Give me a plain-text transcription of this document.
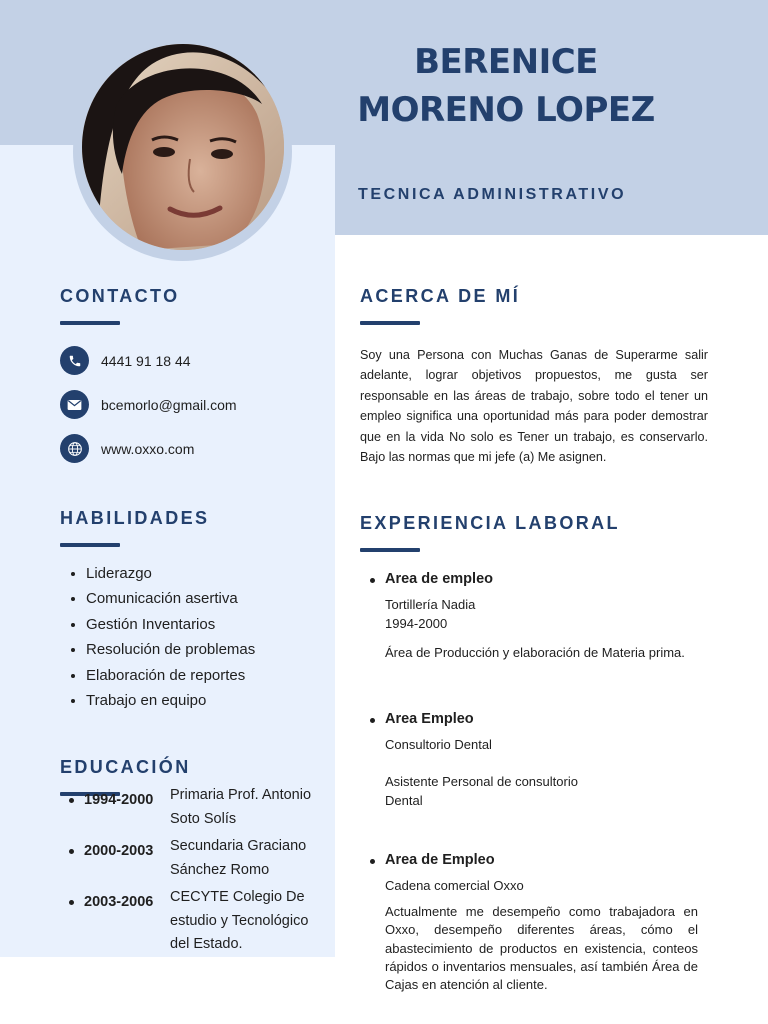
BERENICE
MORENO LOPEZ

TECNICA ADMINISTRATIVO

CONTACTO
4441 91 18 44
bcemorlo@gmail.com
www.oxxo.com
HABILIDADES
• Liderazgo
• Comunicación asertiva
• Gestión Inventarios
• Resolución de problemas
• Elaboración de reportes
• Trabajo en equipo
EDUCACIÓN
1994-2000	Primaria Prof. Antonio Soto Solís
2000-2003	Secundaria Graciano Sánchez Romo
2003-2006	CECYTE Colegio De estudio y Tecnológico del Estado.
ACERCA DE MÍ

Soy una Persona con Muchas Ganas de Superarme salir adelante, lograr objetivos propuestos, me gusta ser responsable en las áreas de trabajo, sobre todo el tener un empleo significa una oportunidad más para poder demostrar que en la vida No solo es Tener un trabajo, es conservarlo. Bajo las normas que mi jefe (a) Me asignen.

EXPERIENCIA LABORAL

Area de empleo

Tortillería Nadia

1994-2000

Área de Producción y elaboración de Materia prima.

Area Empleo

Consultorio Dental

Asistente Personal de consultorio Dental

Area de Empleo

Cadena comercial Oxxo

Actualmente me desempeño como trabajadora en Oxxo, desempeño diferentes áreas, cómo el abastecimiento de productos en existencia, conteos rápidos o inventarios mensuales, así también Área de Cajas en atención al cliente.
